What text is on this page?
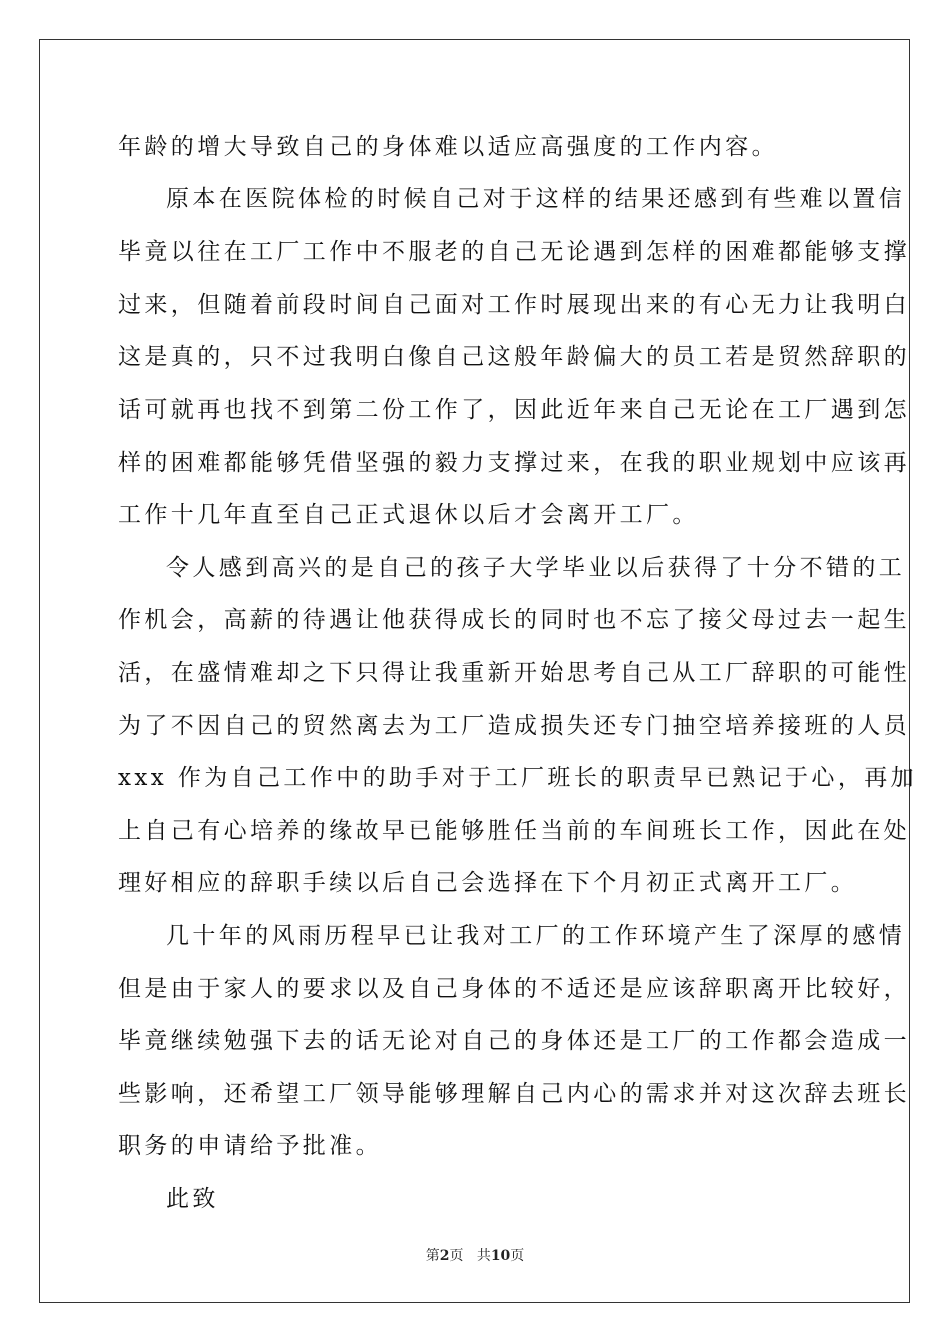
年龄的增大导致自己的身体难以适应高强度的工作内容。
原本在医院体检的时候自己对于这样的结果还感到有些难以置信
毕竟以往在工厂工作中不服老的自己无论遇到怎样的困难都能够支撑
过来，但随着前段时间自己面对工作时展现出来的有心无力让我明白
这是真的，只不过我明白像自己这般年龄偏大的员工若是贸然辞职的
话可就再也找不到第二份工作了，因此近年来自己无论在工厂遇到怎
样的困难都能够凭借坚强的毅力支撑过来，在我的职业规划中应该再
工作十几年直至自己正式退休以后才会离开工厂。
令人感到高兴的是自己的孩子大学毕业以后获得了十分不错的工
作机会，高薪的待遇让他获得成长的同时也不忘了接父母过去一起生
活，在盛情难却之下只得让我重新开始思考自己从工厂辞职的可能性
为了不因自己的贸然离去为工厂造成损失还专门抽空培养接班的人员
xxx 作为自己工作中的助手对于工厂班长的职责早已熟记于心，再加
上自己有心培养的缘故早已能够胜任当前的车间班长工作，因此在处
理好相应的辞职手续以后自己会选择在下个月初正式离开工厂。
几十年的风雨历程早已让我对工厂的工作环境产生了深厚的感情
但是由于家人的要求以及自己身体的不适还是应该辞职离开比较好，
毕竟继续勉强下去的话无论对自己的身体还是工厂的工作都会造成一
些影响，还希望工厂领导能够理解自己内心的需求并对这次辞去班长
职务的申请给予批准。
此致
第2页 共10页
